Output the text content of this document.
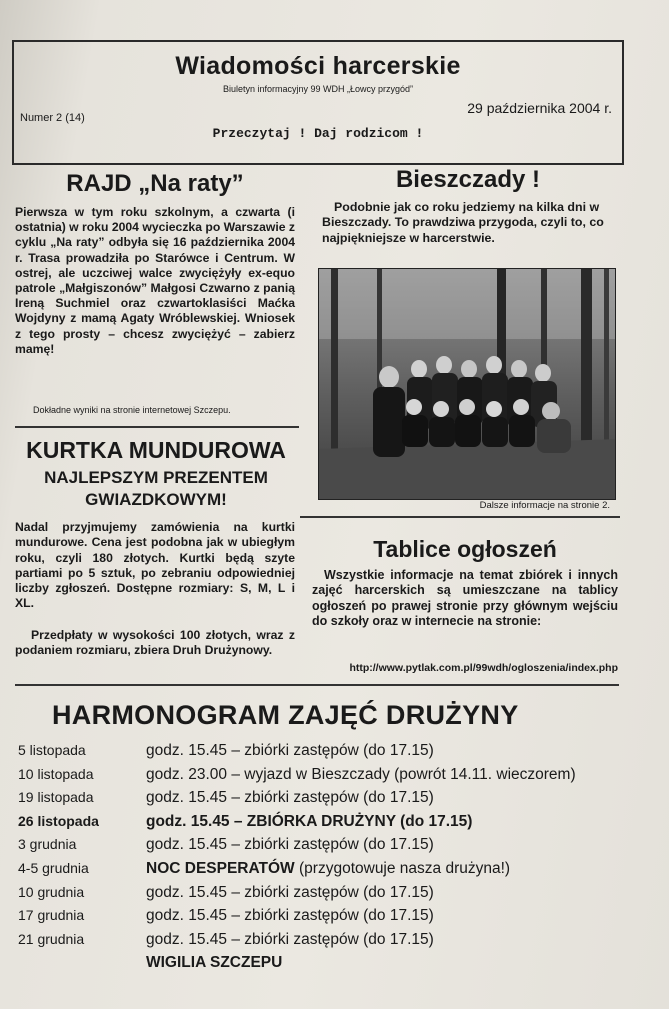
Wiadomości harcerskie
Biuletyn informacyjny 99 WDH „Łowcy przygód”
29 października 2004 r.
Numer 2 (14)
Przeczytaj ! Daj rodzicom !
RAJD „Na raty”
Pierwsza w tym roku szkolnym, a czwarta (i ostatnia) w roku 2004 wycieczka po Warszawie z cyklu „Na raty” odbyła się 16 października 2004 r. Trasa prowadziła po Starówce i Centrum. W ostrej, ale uczciwej walce zwyciężyły ex-equo patrole „Małgiszonów” Małgosi Czwarno z panią Ireną Suchmiel oraz czwartoklasiści Maćka Wojdyny z mamą Agaty Wróblewskiej. Wniosek z tego prosty – chcesz zwyciężyć – zabierz mamę!
Dokładne wyniki na stronie internetowej Szczepu.
KURTKA MUNDUROWA
NAJLEPSZYM PREZENTEM GWIAZDKOWYM!
Nadal przyjmujemy zamówienia na kurtki mundurowe. Cena jest podobna jak w ubiegłym roku, czyli 180 złotych. Kurtki będą szyte partiami po 5 sztuk, po zebraniu odpowiedniej liczby zgłoszeń. Dostępne rozmiary: S, M, L i XL.
Przedpłaty w wysokości 100 złotych, wraz z podaniem rozmiaru, zbiera Druh Drużynowy.
Bieszczady !
Podobnie jak co roku jedziemy na kilka dni w Bieszczady. To prawdziwa przygoda, czyli to, co najpiękniejsze w harcerstwie.
Dalsze informacje na stronie 2.
Tablice ogłoszeń
Wszystkie informacje na temat zbiórek i innych zajęć harcerskich są umieszczane na tablicy ogłoszeń po prawej stronie przy głównym wejściu do szkoły oraz w internecie na stronie:
http://www.pytlak.com.pl/99wdh/ogloszenia/index.php
HARMONOGRAM ZAJĘĆ DRUŻYNY
5 listopada	godz. 15.45 – zbiórki zastępów (do 17.15)
10 listopada	godz. 23.00 – wyjazd w Bieszczady (powrót 14.11. wieczorem)
19 listopada	godz. 15.45 – zbiórki zastępów (do 17.15)
26 listopada	godz. 15.45 – ZBIÓRKA DRUŻYNY (do 17.15)
3 grudnia	godz. 15.45 – zbiórki zastępów (do 17.15)
4-5 grudnia	NOC DESPERATÓW (przygotowuje nasza drużyna!)
10 grudnia	godz. 15.45 – zbiórki zastępów (do 17.15)
17 grudnia	godz. 15.45 – zbiórki zastępów (do 17.15)
21 grudnia	godz. 15.45 – zbiórki zastępów (do 17.15)
WIGILIA SZCZEPU
